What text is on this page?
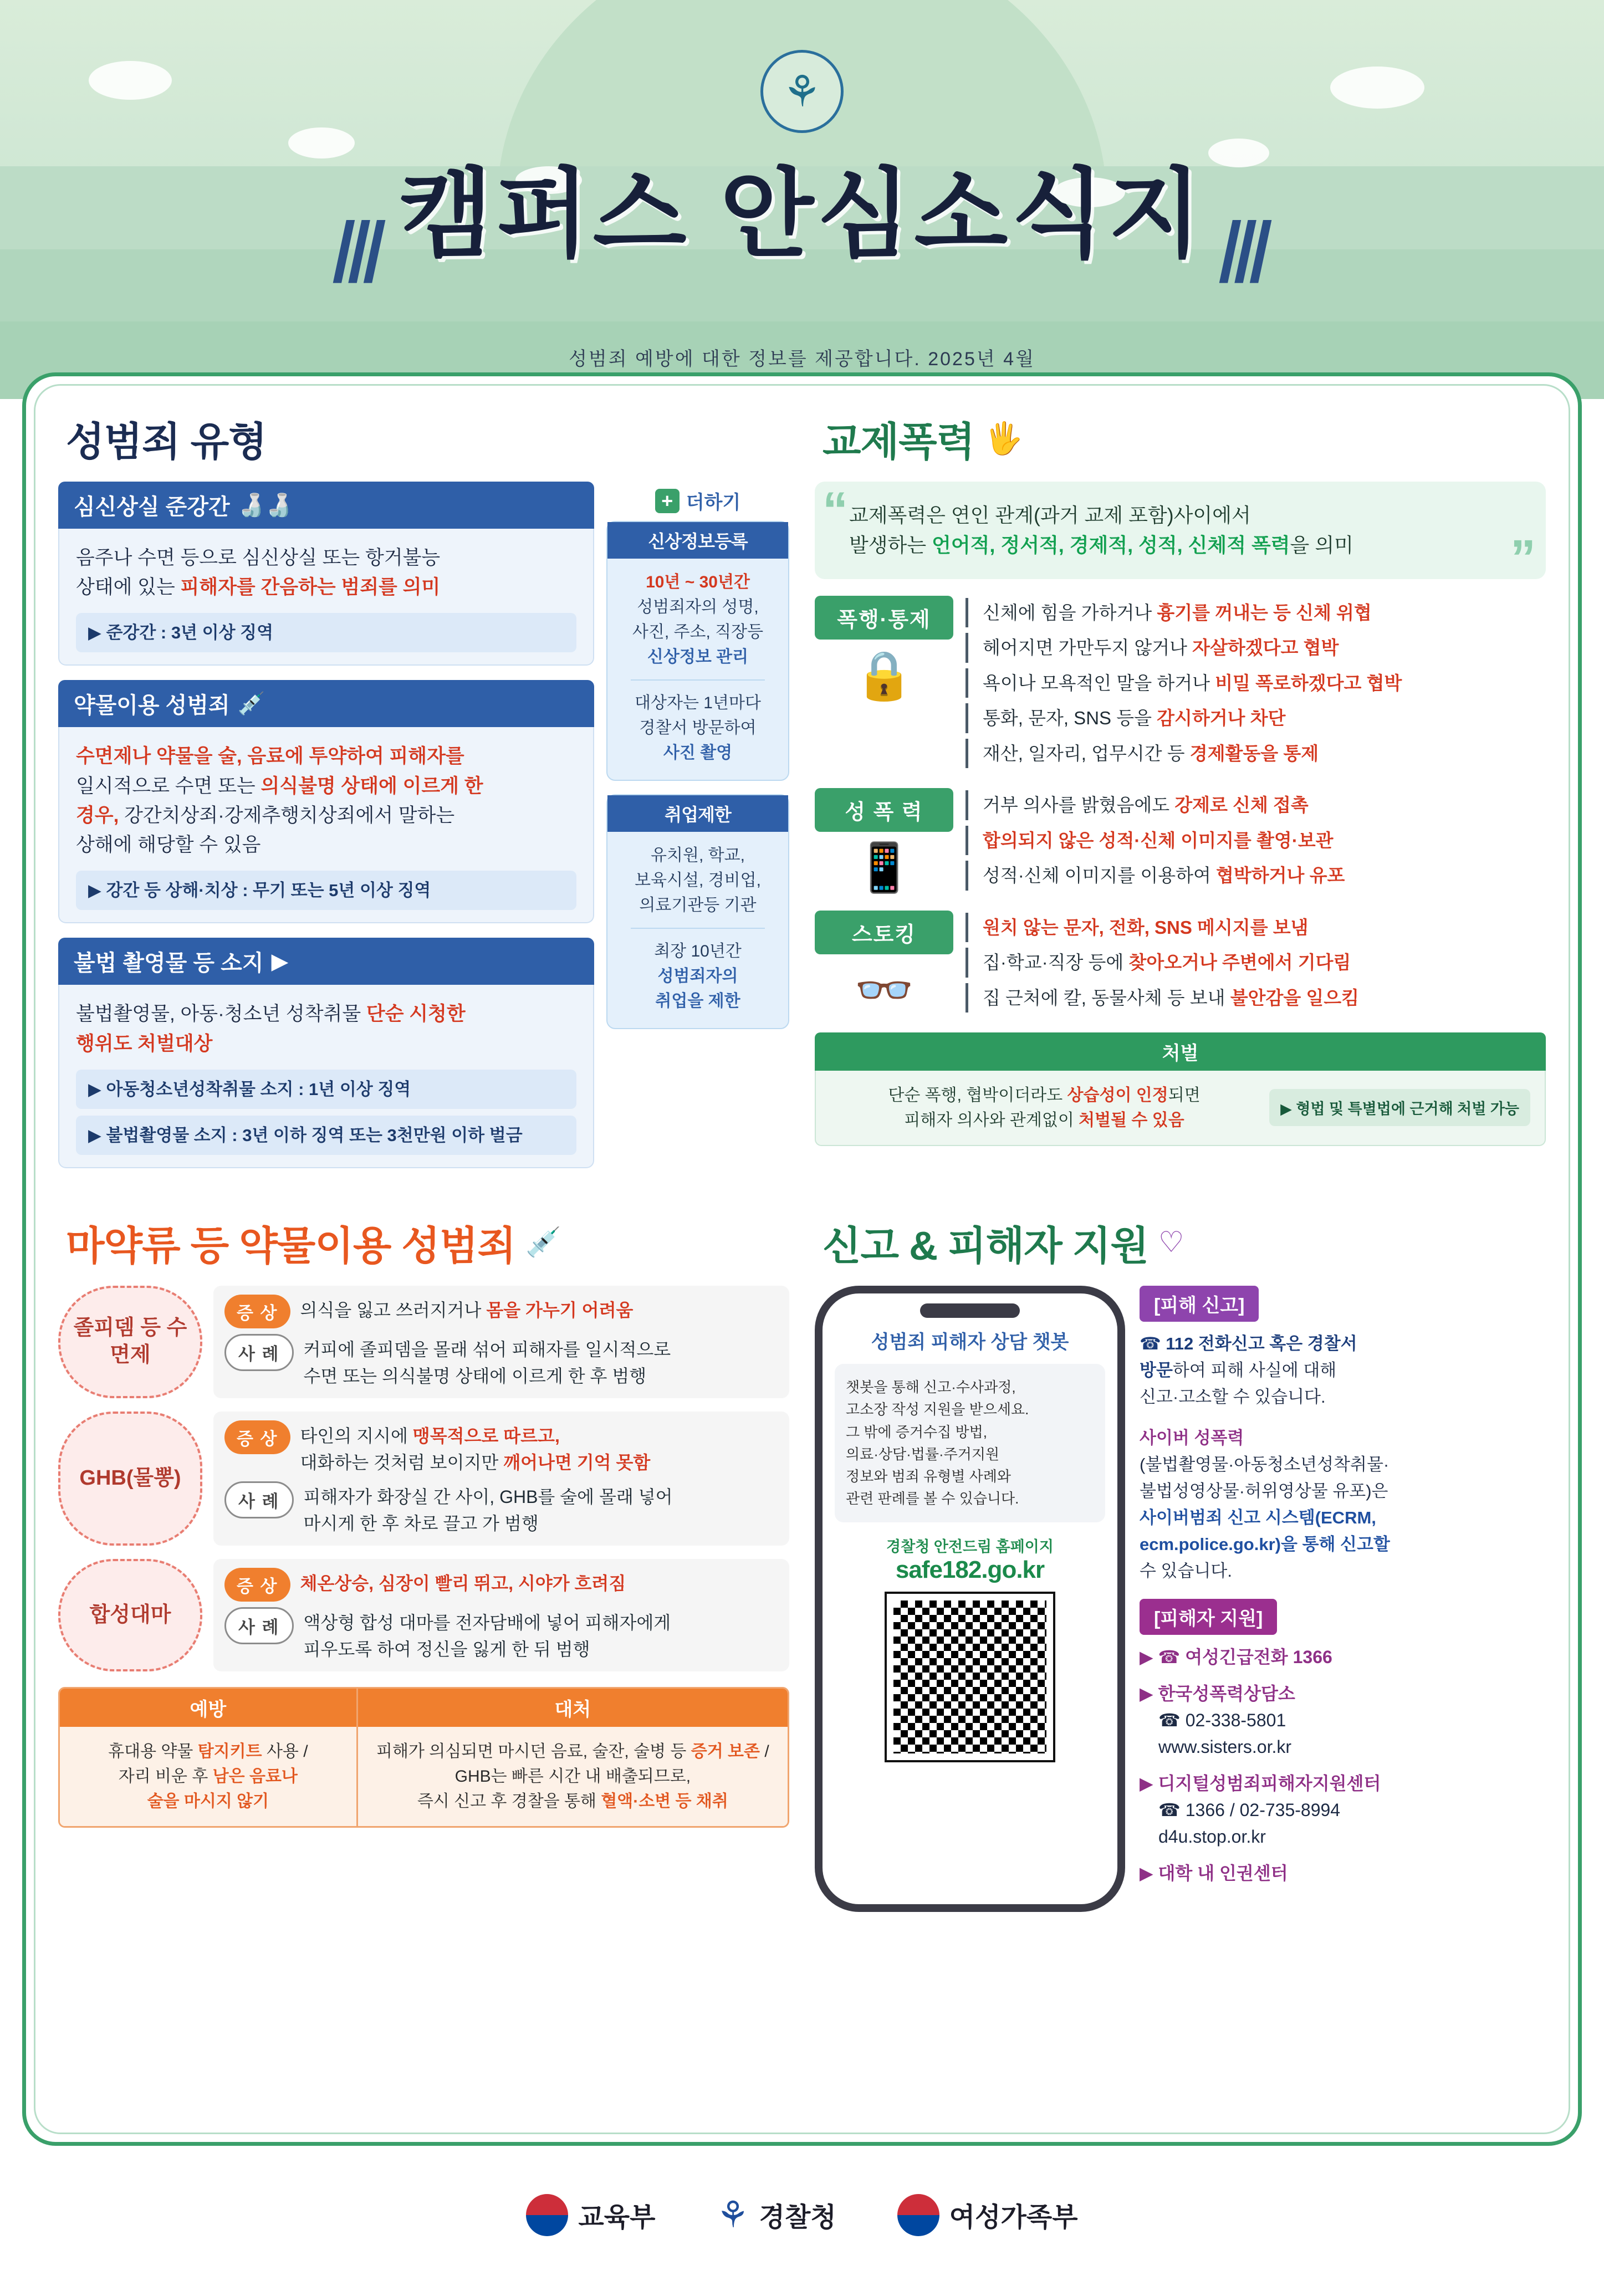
⚘
||| 캠퍼스 안심소식지 |||
성범죄 예방에 대한 정보를 제공합니다. 2025년 4월
성범죄 유형
심신상실 준강간 🍶🍶
음주나 수면 등으로 심신상실 또는 항거불능
상태에 있는 피해자를 간음하는 범죄를 의미
▶ 준강간 : 3년 이상 징역
약물이용 성범죄 💉
수면제나 약물을 술, 음료에 투약하여 피해자를
일시적으로 수면 또는 의식불명 상태에 이르게 한
경우, 강간치상죄·강제추행치상죄에서 말하는
상해에 해당할 수 있음
▶ 강간 등 상해·치상 : 무기 또는 5년 이상 징역
불법 촬영물 등 소지 ▶
불법촬영물, 아동·청소년 성착취물 단순 시청한
행위도 처벌대상
▶ 아동청소년성착취물 소지 : 1년 이상 징역
▶ 불법촬영물 소지 : 3년 이하 징역 또는 3천만원 이하 벌금
+ 더하기
신상정보등록
10년 ~ 30년간
성범죄자의 성명,
사진, 주소, 직장등
신상정보 관리
대상자는 1년마다
경찰서 방문하여
사진 촬영
취업제한
유치원, 학교,
보육시설, 경비업,
의료기관등 기관
최장 10년간
성범죄자의
취업을 제한
교제폭력 🖐
“
”
교제폭력은 연인 관계(과거 교제 포함)사이에서
발생하는 언어적, 정서적, 경제적, 성적, 신체적 폭력을 의미
폭행·통제
🔒
신체에 힘을 가하거나 흉기를 꺼내는 등 신체 위협
헤어지면 가만두지 않거나 자살하겠다고 협박
욕이나 모욕적인 말을 하거나 비밀 폭로하겠다고 협박
통화, 문자, SNS 등을 감시하거나 차단
재산, 일자리, 업무시간 등 경제활동을 통제
성 폭 력
📱
거부 의사를 밝혔음에도 강제로 신체 접촉
합의되지 않은 성적·신체 이미지를 촬영·보관
성적·신체 이미지를 이용하여 협박하거나 유포
스토킹
👓
원치 않는 문자, 전화, SNS 메시지를 보냄
집·학교·직장 등에 찾아오거나 주변에서 기다림
집 근처에 칼, 동물사체 등 보내 불안감을 일으킴
처벌
단순 폭행, 협박이더라도 상습성이 인정되면
피해자 의사와 관계없이 처벌될 수 있음
▶ 형법 및 특별법에 근거해 처벌 가능
마약류 등 약물이용 성범죄 💉
졸피뎀 등 수면제
증 상	의식을 잃고 쓰러지거나 몸을 가누기 어려움
사 례	커피에 졸피뎀을 몰래 섞어 피해자를 일시적으로
수면 또는 의식불명 상태에 이르게 한 후 범행
GHB(물뽕)
증 상	타인의 지시에 맹목적으로 따르고,
대화하는 것처럼 보이지만 깨어나면 기억 못함
사 례	피해자가 화장실 간 사이, GHB를 술에 몰래 넣어
마시게 한 후 차로 끌고 가 범행
합성대마
증 상	체온상승, 심장이 빨리 뛰고, 시야가 흐려짐
사 례	액상형 합성 대마를 전자담배에 넣어 피해자에게
피우도록 하여 정신을 잃게 한 뒤 범행
예방
휴대용 약물 탐지키트 사용 /
자리 비운 후 남은 음료나
술을 마시지 않기
대처
피해가 의심되면 마시던 음료, 술잔, 술병 등 증거 보존 /
GHB는 빠른 시간 내 배출되므로,
즉시 신고 후 경찰을 통해 혈액·소변 등 채취
신고 & 피해자 지원 ♡
성범죄 피해자 상담 챗봇
챗봇을 통해 신고·수사과정,
고소장 작성 지원을 받으세요.
그 밖에 증거수집 방법,
의료·상담·법률·주거지원
정보와 범죄 유형별 사례와
관련 판례를 볼 수 있습니다.
경찰청 안전드림 홈페이지
safe182.go.kr
[피해 신고]
☎ 112 전화신고 혹은 경찰서
방문하여 피해 사실에 대해
신고·고소할 수 있습니다.
사이버 성폭력
(불법촬영물·아동청소년성착취물·
불법성영상물·허위영상물 유포)은
사이버범죄 신고 시스템(ECRM,
ecm.police.go.kr)을 통해 신고할
수 있습니다.
[피해자 지원]
▶ ☎ 여성긴급전화 1366
▶ 한국성폭력상담소
☎ 02-338-5801
www.sisters.or.kr
▶ 디지털성범죄피해자지원센터
☎ 1366 / 02-735-8994
d4u.stop.or.kr
▶ 대학 내 인권센터
교육부 ⚘ 경찰청	여성가족부
